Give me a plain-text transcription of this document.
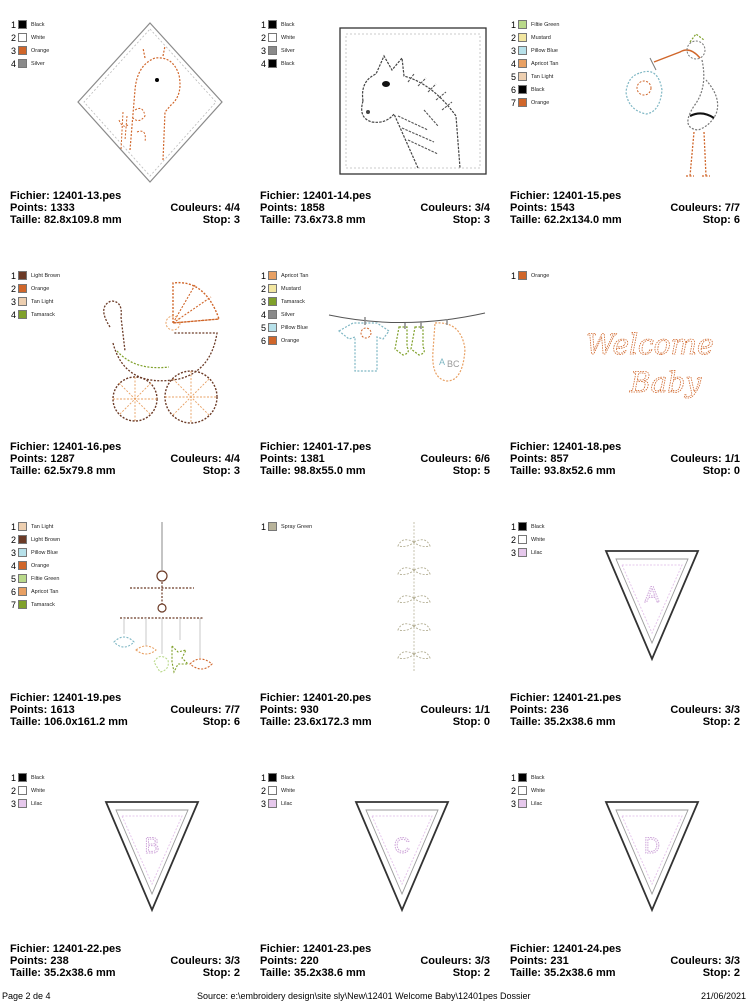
1	Black
2	White
3	Orange
4	Silver
Fichier: 12401-13.pes
Points: 1333	Couleurs: 4/4
Taille: 82.8x109.8 mm	Stop: 3
1	Black
2	White
3	Silver
4	Black
Fichier: 12401-14.pes
Points: 1858	Couleurs: 3/4
Taille: 73.6x73.8 mm	Stop: 3
1	Filtie Green
2	Mustard
3	Pillow Blue
4	Apricot Tan
5	Tan Light
6	Black
7	Orange
Fichier: 12401-15.pes
Points: 1543	Couleurs: 7/7
Taille: 62.2x134.0 mm	Stop: 6
1	Light Brown
2	Orange
3	Tan Light
4	Tamarack
Fichier: 12401-16.pes
Points: 1287	Couleurs: 4/4
Taille: 62.5x79.8 mm	Stop: 3
1	Apricot Tan
2	Mustard
3	Tamarack
4	Silver
5	Pillow Blue
6	Orange
A BC
Fichier: 12401-17.pes
Points: 1381	Couleurs: 6/6
Taille: 98.8x55.0 mm	Stop: 5
1	Orange
Welcome
Baby
Fichier: 12401-18.pes
Points: 857	Couleurs: 1/1
Taille: 93.8x52.6 mm	Stop: 0
1	Tan Light
2	Light Brown
3	Pillow Blue
4	Orange
5	Filtie Green
6	Apricot Tan
7	Tamarack
Fichier: 12401-19.pes
Points: 1613	Couleurs: 7/7
Taille: 106.0x161.2 mm	Stop: 6
1	Spray Green
Fichier: 12401-20.pes
Points: 930	Couleurs: 1/1
Taille: 23.6x172.3 mm	Stop: 0
1	Black
2	White
3	Lilac
A
Fichier: 12401-21.pes
Points: 236	Couleurs: 3/3
Taille: 35.2x38.6 mm	Stop: 2
1	Black
2	White
3	Lilac
B
Fichier: 12401-22.pes
Points: 238	Couleurs: 3/3
Taille: 35.2x38.6 mm	Stop: 2
1	Black
2	White
3	Lilac
C
Fichier: 12401-23.pes
Points: 220	Couleurs: 3/3
Taille: 35.2x38.6 mm	Stop: 2
1	Black
2	White
3	Lilac
D
Fichier: 12401-24.pes
Points: 231	Couleurs: 3/3
Taille: 35.2x38.6 mm	Stop: 2
Page 2 de 4	Source: e:\embroidery design\site sly\New\12401 Welcome Baby\12401pes Dossier	21/06/2021
